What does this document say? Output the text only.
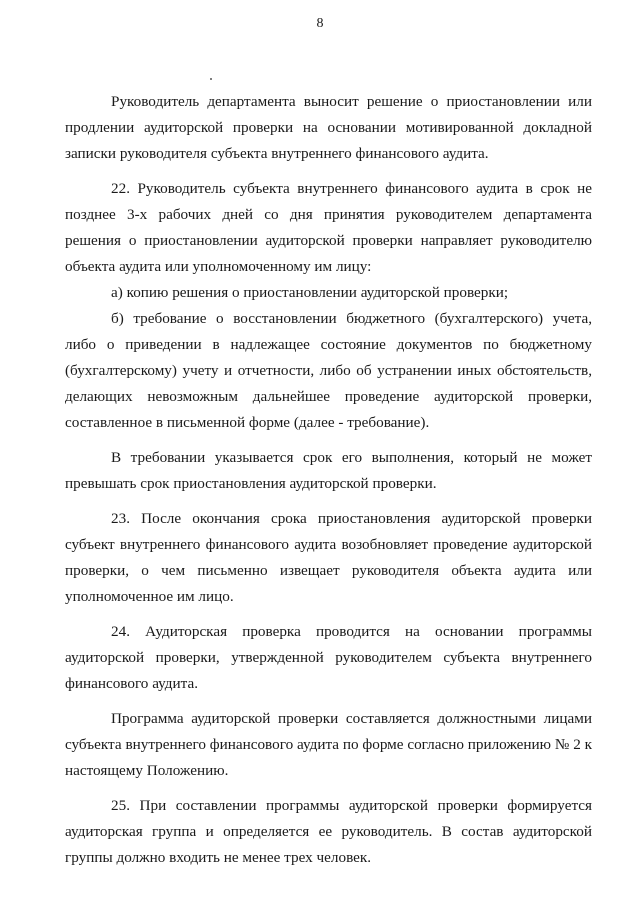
8

Руководитель департамента выносит решение о приостановлении или продлении аудиторской проверки на основании мотивированной докладной записки руководителя субъекта внутреннего финансового аудита.

22. Руководитель субъекта внутреннего финансового аудита в срок не позднее 3-х рабочих дней со дня принятия руководителем департамента решения о приостановлении аудиторской проверки направляет руководителю объекта аудита или уполномоченному им лицу:

а) копию решения о приостановлении аудиторской проверки;

б) требование о восстановлении бюджетного (бухгалтерского) учета, либо о приведении в надлежащее состояние документов по бюджетному (бухгалтерскому) учету и отчетности, либо об устранении иных обстоятельств, делающих невозможным дальнейшее проведение аудиторской проверки, составленное в письменной форме (далее - требование).

В требовании указывается срок его выполнения, который не может превышать срок приостановления аудиторской проверки.

23. После окончания срока приостановления аудиторской проверки субъект внутреннего финансового аудита возобновляет проведение аудиторской проверки, о чем письменно извещает руководителя объекта аудита или уполномоченное им лицо.

24. Аудиторская проверка проводится на основании программы аудиторской проверки, утвержденной руководителем субъекта внутреннего финансового аудита.

Программа аудиторской проверки составляется должностными лицами субъекта внутреннего финансового аудита по форме согласно приложению № 2 к настоящему Положению.

25. При составлении программы аудиторской проверки формируется аудиторская группа и определяется ее руководитель. В состав аудиторской группы должно входить не менее трех человек.
